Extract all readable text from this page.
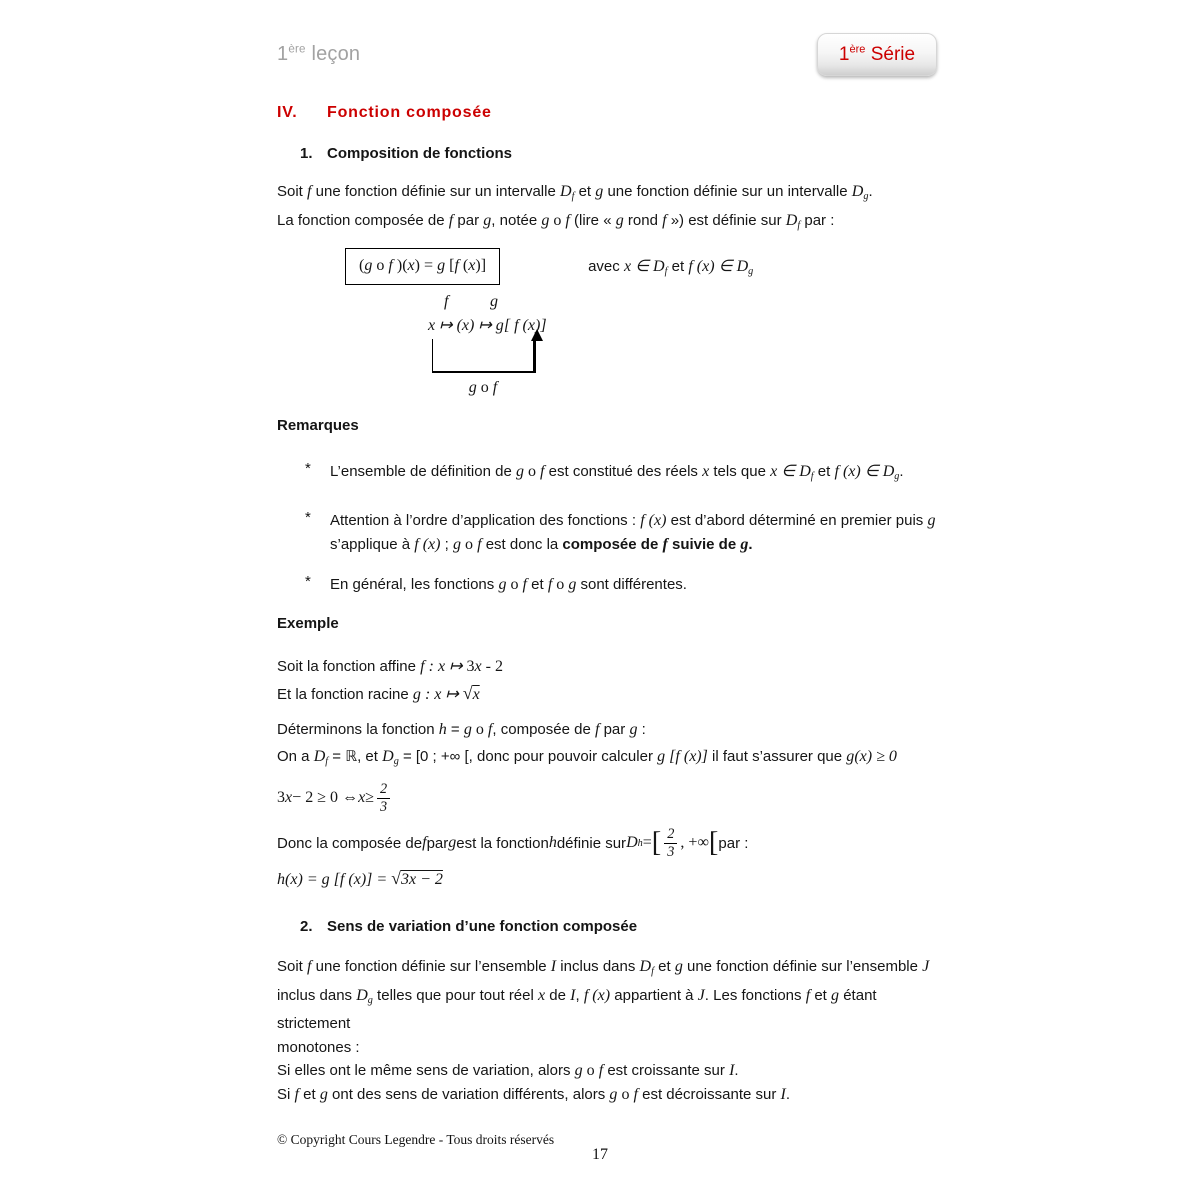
1ère leçon	1ère Série
IV.	Fonction composée
1. Composition de fonctions
Soit f une fonction définie sur un intervalle $D_f$ et g une fonction définie sur un intervalle $D_g$.
La fonction composée de f par g, notée g o f (lire « g rond f ») est définie sur $D_f$ par :
(g o f )(x) = g [f (x)]	avec x ∈ $D_f$ et f (x) ∈ $D_g$
f	g
x ↦ (x) ↦ g[ f (x)]
g o f
Remarques
*	L’ensemble de définition de g o f est constitué des réels x tels que x ∈ $D_f$ et f (x) ∈ $D_g$.
*	Attention à l’ordre d’application des fonctions : f (x) est d’abord déterminé en premier puis g
s’applique à f (x) ; g o f est donc la composée de f suivie de g.
*	En général, les fonctions g o f et f o g sont différentes.
Exemple
Soit la fonction affine f : x ↦ 3x - 2
Et la fonction racine g : x ↦ √x
Déterminons la fonction h = g o f, composée de f par g :
On a $D_f$ = ℝ, et $D_g = [0$ ; +∞ [, donc pour pouvoir calculer g [f (x)] il faut s’assurer que g(x) ≥ 0
3 x − 2 ≥ 0 ⇔ $x \ge \frac{2}{3}$
Donc la composée de f par g est la fonction h définie sur D h = [ $\frac{2}{3}$ , +∞ [ par :
h(x) = g [f (x)] = √3x − 2
2. Sens de variation d’une fonction composée
Soit f une fonction définie sur l’ensemble I inclus dans $D_f$ et g une fonction définie sur l’ensemble J
inclus dans $D_g$ telles que pour tout réel x de I, f (x) appartient à J. Les fonctions f et g étant strictement
monotones :
Si elles ont le même sens de variation, alors g o f est croissante sur I.
Si f et g ont des sens de variation différents, alors g o f est décroissante sur I.
© Copyright Cours Legendre - Tous droits réservés
17
